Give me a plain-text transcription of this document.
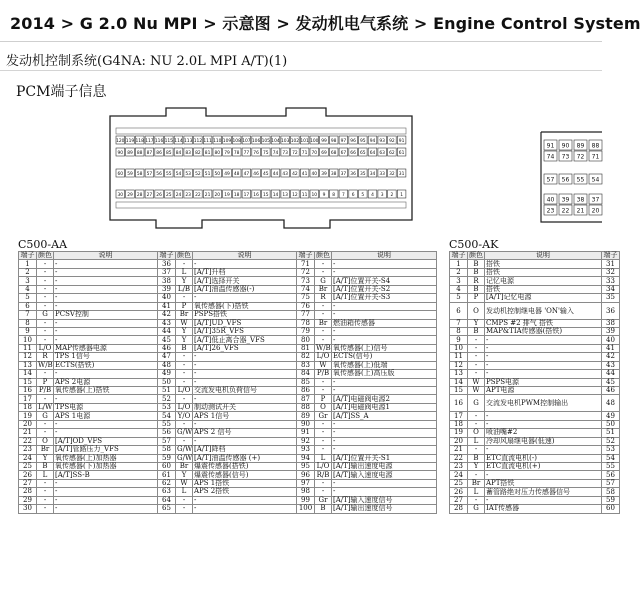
2014 > G 2.0 Nu MPI > 示意图 > 发动机电气系统 > Engine Control System
发动机控制系统(G4NA: NU 2.0L MPI A/T)(1)
PCM端子信息
120 119 118 117 116 115 114 113 112 111 110 109 108 107 106 105 104 103 102 101 100 99 98 97 96 95 94 93 92 91
90 89 88 87 86 85 84 83 82 81 80 79 78 77 76 75 74 73 72 71 70 69 68 67 66 65 64 63 62 61
60 59 58 57 56 55 54 53 52 51 50 49 48 47 46 45 44 43 42 41 40 39 38 37 36 35 34 33 32 31
30 29 28 27 26 25 24 23 22 21 20 19 18 17 16 15 14 13 12 11 10 9 8 7 6 5 4 3 2 1
91 90 89 88
74 73 72 71
57 56 55 54
40 39 38 37
23 22 21 20
C500-AA	C500-AK
端子	颜色	说明	端子	颜色	说明	端子	颜色	说明
1	-	-	36	-	-	71	-	-
2	-	-	37	L	[A/T]升档	72	-	-
3	-	-	38	Y	[A/T]选择开关	73	G	[A/T]位置开关-S4
4	-	-	39	L/B	[A/T]油温传感器(-)	74	Br	[A/T]位置开关-S2
5	-	-	40	-	-	75	R	[A/T]位置开关-S3
6	-	-	41	P	氧传感器(下)搭铁	76	-	-
7	G	PCSV控制	42	Br	PSPS搭铁	77	-	-
8	-	-	43	W	[A/T]UD_VFS	78	Br	燃油箱传感器
9	-	-	44	Y	[A/T]35R_VFS	79	-	-
10	-	-	45	Y	[A/T]低止离合器_VFS	80	-	-
11	L/O	MAP传感器电源	46	B	[A/T]26_VFS	81	W/B	氧传感器(上)信号
12	R	TPS 1信号	47	-	-	82	L/O	ECTS(信号)
13	W/B	ECTS(搭铁)	48	-	-	83	W	氧传感器(上)低端
14	-	-	49	-	-	84	P/B	氧传感器(上)高压版
15	P	APS 2电源	50	-	-	85	-	-
16	P/B	氧传感器(上)搭铁	51	L/O	交流发电机负荷信号	86	-	-
17	-	-	52	-	-	87	P	[A/T]电磁阀电源2
18	L/W	TPS电源	53	L/O	制动测试开关	88	O	[A/T]电磁阀电源1
19	G	APS 1电源	54	Y/O	APS 1信号	89	Gr	[A/T]SS_A
20	-	-	55	-	-	90	-	-
21	-	-	56	G/W	APS 2 信号	91	-	-
22	O	[A/T]OD_VFS	57	-	-	92	-	-
23	Br	[A/T]管路压力_VFS	58	G/W	[A/T]降档	93	-	-
24	Y	氧传感器(上)加热器	59	G/W	[A/T]油温传感器 (+)	94	L	[A/T]位置开关-S1
25	B	氧传感器(下)加热器	60	Br	爆震传感器(搭铁)	95	L/O	[A/T]输出速度电源
26	L	[A/T]SS-B	61	Y	爆震传感器(信号)	96	R/B	[A/T]输入速度电源
27	-	-	62	W	APS 1搭铁	97	-	-
28	-	-	63	L	APS 2搭铁	98	-	-
29	-	-	64	-	-	99	Gr	[A/T]输入速度信号
30	-	-	65	-	-	100	B	[A/T]输出速度信号
端子	颜色	说明	端子
1	B	搭铁	31
2	B	搭铁	32
3	R	记忆电源	33
4	B	搭铁	34
5	P	[A/T]记忆电源	35
6	O	发动机控制继电器 'ON'输入	36
7	Y	CMPS #2 排气 搭铁	38
8	B	MAP&TIA传感器(搭铁)	39
9	-	-	40
10	-	-	41
11	-	-	42
12	-	-	43
13	-	-	44
14	W	PSPS电源	45
15	W	APT电源	46
16	G	交流发电机PWM控制输出	48
17	-	-	49
18	-	-	50
19	O	喷油嘴#2	51
20	L	冷却风扇继电器(低速)	52
21	-	-	53
22	B	ETC直流电机(-)	54
23	Y	ETC直流电机(+)	55
24	-	-	56
25	Br	APT搭铁	57
26	L	蓄管路绝对压力传感器信号	58
27	-	-	59
28	G	IAT传感器	60
